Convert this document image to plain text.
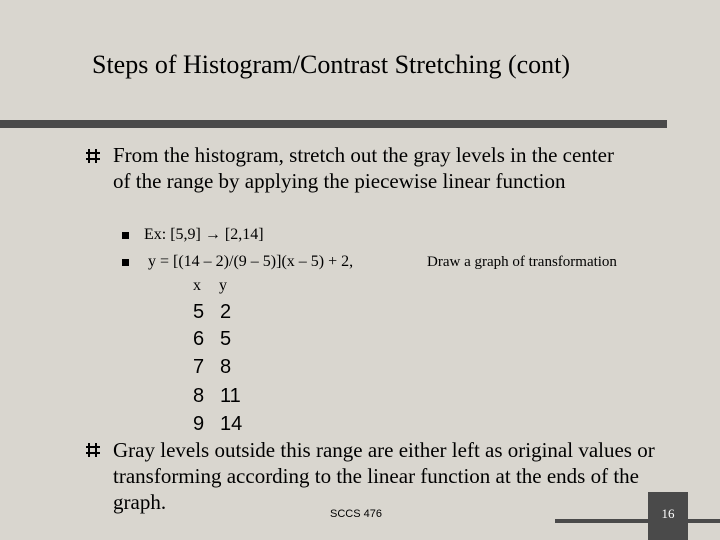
Steps of Histogram/Contrast Stretching (cont)
From the histogram, stretch out the gray levels in the center of the range by applying the piecewise linear function
Ex: [5,9] → [2,14]
y = [(14 – 2)/(9 – 5)](x – 5) + 2,	Draw a graph of transformation
x y
5 2
6 5
7 8
8 11
9 14
Gray levels outside this range are either left as original values or transforming according to the linear function at the ends of the graph.	SCCS 476	16
